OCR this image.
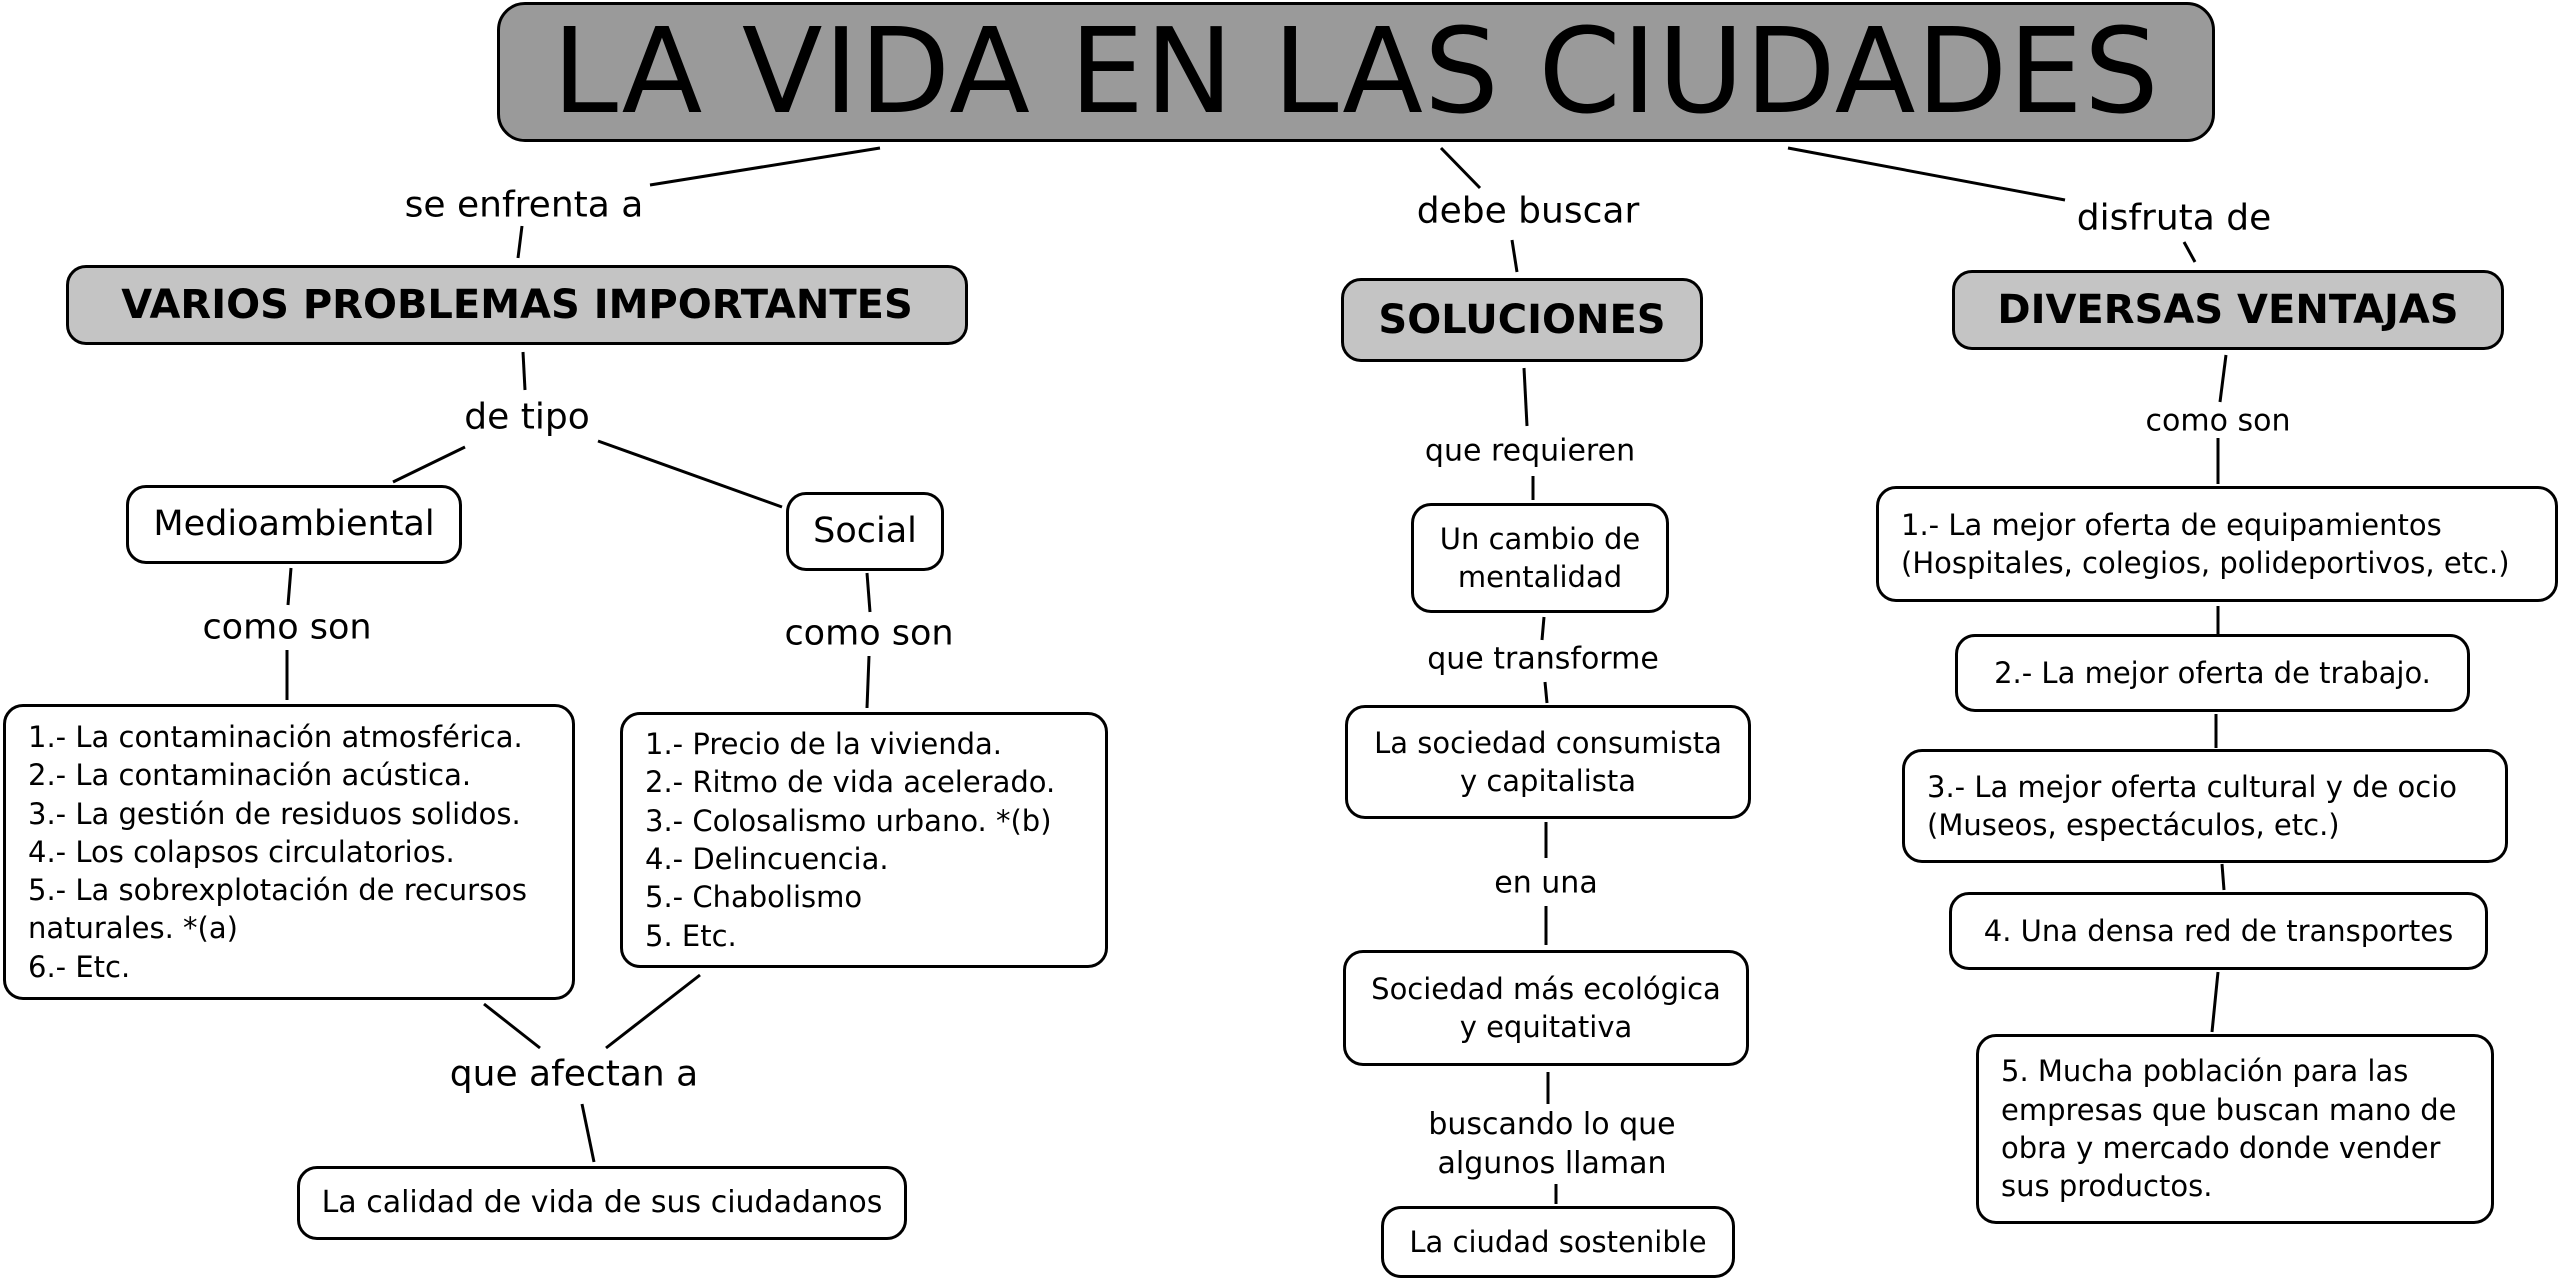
LA VIDA EN LAS CIUDADES
se enfrenta a
VARIOS PROBLEMAS IMPORTANTES
de tipo
Medioambiental	Social
como son	como son
1.- La contaminación atmosférica.
2.- La contaminación acústica.
3.- La gestión de residuos solidos.
4.- Los colapsos circulatorios.
5.- La sobrexplotación de recursos
naturales. *(a)
6.- Etc.
1.- Precio de la vivienda.
2.- Ritmo de vida acelerado.
3.- Colosalismo urbano. *(b)
4.- Delincuencia.
5.- Chabolismo
5. Etc.
que afectan a
La calidad de vida de sus ciudadanos
debe buscar
SOLUCIONES
que requieren
Un cambio de
mentalidad
que transforme
La sociedad consumista
y capitalista
en una
Sociedad más ecológica
y equitativa
buscando lo que
algunos llaman
La ciudad sostenible
disfruta de
DIVERSAS VENTAJAS
como son
1.- La mejor oferta de equipamientos
(Hospitales, colegios, polideportivos, etc.)
2.- La mejor oferta de trabajo.
3.- La mejor oferta cultural y de ocio
(Museos, espectáculos, etc.)
4. Una densa red de transportes
5. Mucha población para las
empresas que buscan mano de
obra y mercado donde vender
sus productos.
